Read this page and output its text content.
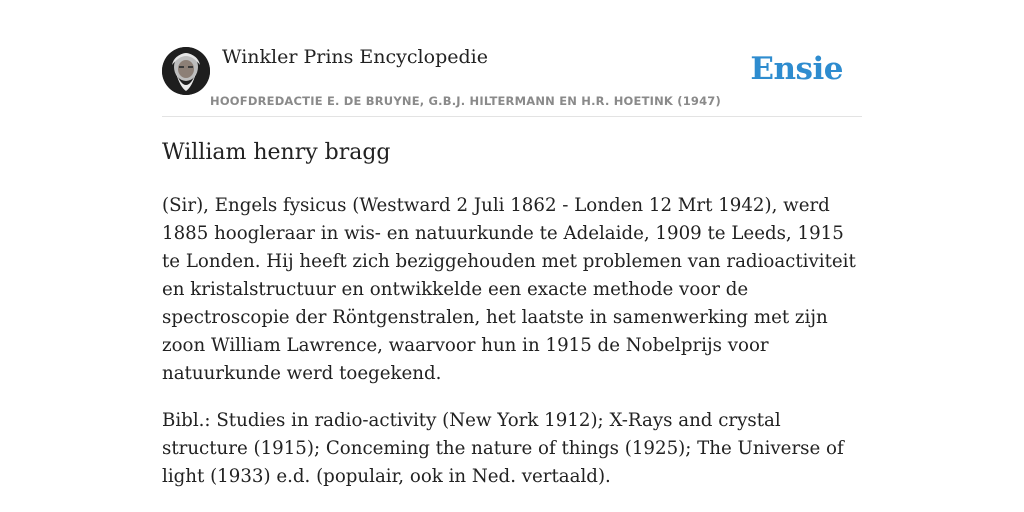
Winkler Prins Encyclopedie
HOOFDREDACTIE E. DE BRUYNE, G.B.J. HILTERMANN EN H.R. HOETINK (1947)
Ensie
William henry bragg

(Sir), Engels fysicus (Westward 2 Juli 1862 - Londen 12 Mrt 1942), werd 1885 hoogleraar in wis- en natuurkunde te Adelaide, 1909 te Leeds, 1915 te Londen. Hij heeft zich beziggehouden met problemen van radioactiviteit en kristalstructuur en ontwikkelde een exacte methode voor de spectroscopie der Röntgenstralen, het laatste in samenwerking met zijn zoon William Lawrence, waarvoor hun in 1915 de Nobelprijs voor natuurkunde werd toegekend.

Bibl.: Studies in radio-activity (New York 1912); X-Rays and crystal structure (1915); Conceming the nature of things (1925); The Universe of light (1933) e.d. (populair, ook in Ned. vertaald).
